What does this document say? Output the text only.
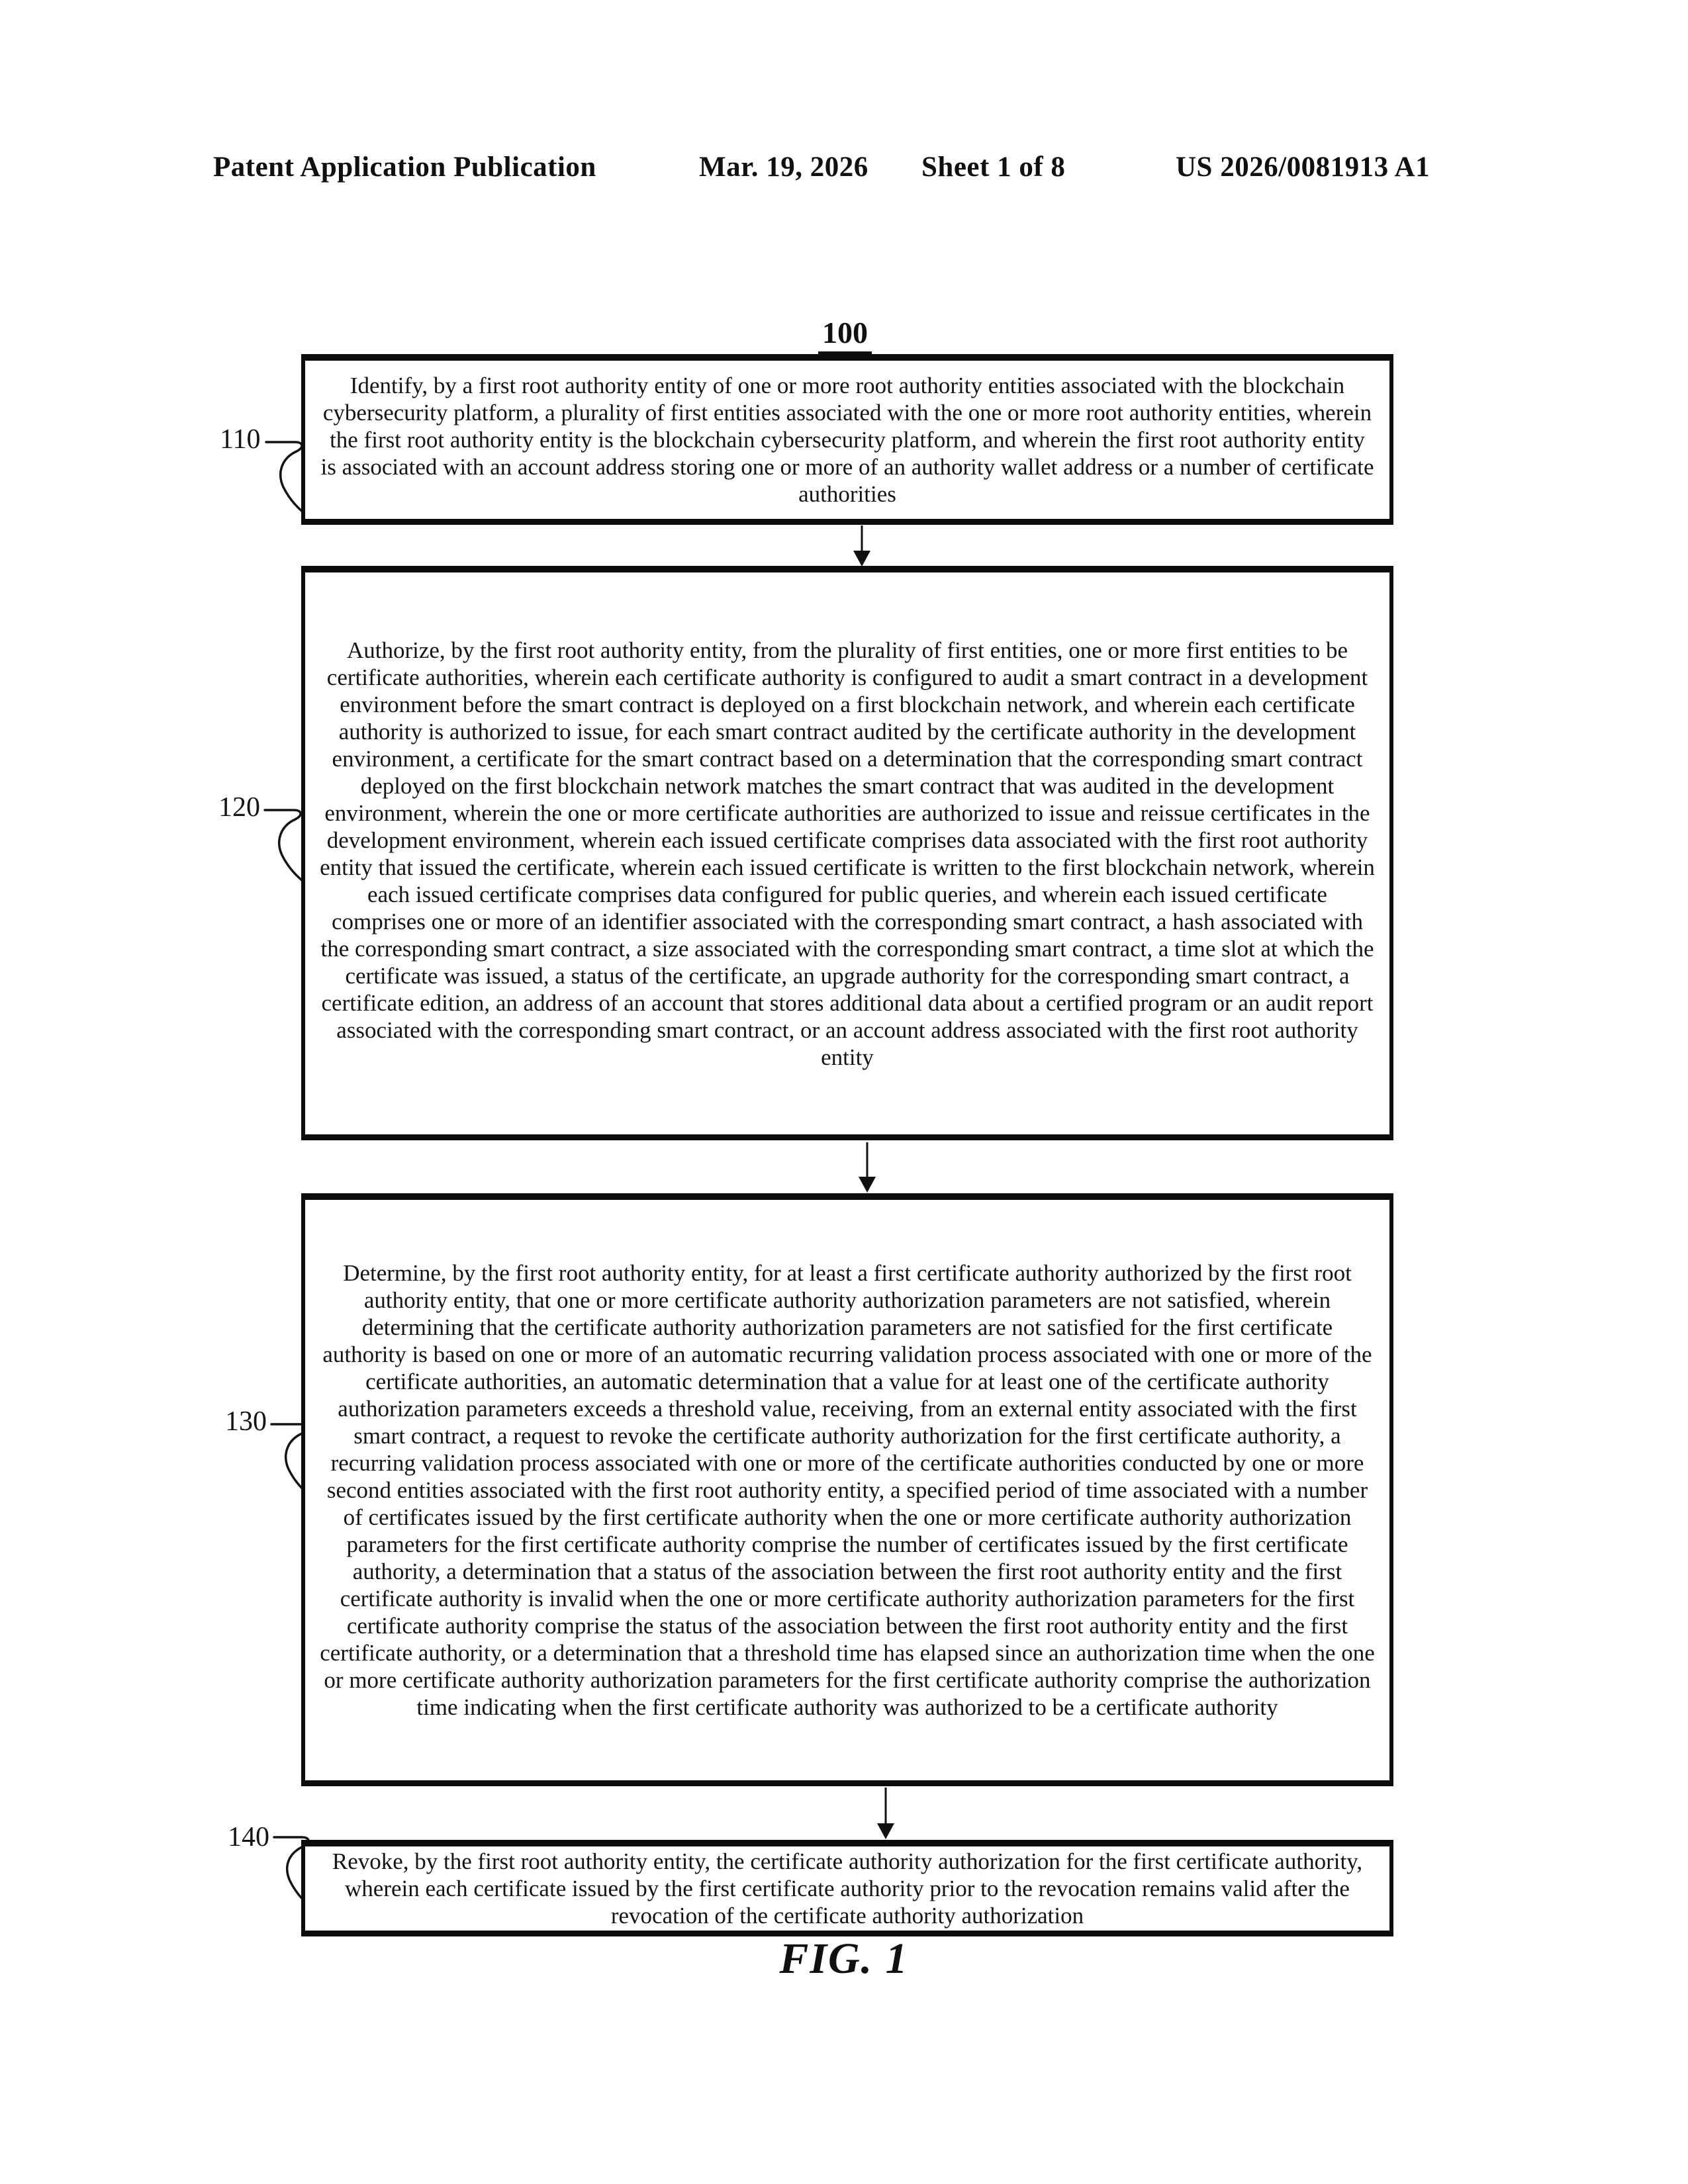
Patent Application Publication	Mar. 19, 2026 Sheet 1 of 8	US 2026/0081913 A1
100
110
Identify, by a first root authority entity of one or more root authority entities associated with the blockchain cybersecurity platform, a plurality of first entities associated with the one or more root authority entities, wherein the first root authority entity is the blockchain cybersecurity platform, and wherein the first root authority entity is associated with an account address storing one or more of an authority wallet address or a number of certificate authorities
120
Authorize, by the first root authority entity, from the plurality of first entities, one or more first entities to be certificate authorities, wherein each certificate authority is configured to audit a smart contract in a development environment before the smart contract is deployed on a first blockchain network, and wherein each certificate authority is authorized to issue, for each smart contract audited by the certificate authority in the development environment, a certificate for the smart contract based on a determination that the corresponding smart contract deployed on the first blockchain network matches the smart contract that was audited in the development environment, wherein the one or more certificate authorities are authorized to issue and reissue certificates in the development environment, wherein each issued certificate comprises data associated with the first root authority entity that issued the certificate, wherein each issued certificate is written to the first blockchain network, wherein each issued certificate comprises data configured for public queries, and wherein each issued certificate comprises one or more of an identifier associated with the corresponding smart contract, a hash associated with the corresponding smart contract, a size associated with the corresponding smart contract, a time slot at which the certificate was issued, a status of the certificate, an upgrade authority for the corresponding smart contract, a certificate edition, an address of an account that stores additional data about a certified program or an audit report associated with the corresponding smart contract, or an account address associated with the first root authority entity
130
Determine, by the first root authority entity, for at least a first certificate authority authorized by the first root authority entity, that one or more certificate authority authorization parameters are not satisfied, wherein determining that the certificate authority authorization parameters are not satisfied for the first certificate authority is based on one or more of an automatic recurring validation process associated with one or more of the certificate authorities, an automatic determination that a value for at least one of the certificate authority authorization parameters exceeds a threshold value, receiving, from an external entity associated with the first smart contract, a request to revoke the certificate authority authorization for the first certificate authority, a recurring validation process associated with one or more of the certificate authorities conducted by one or more second entities associated with the first root authority entity, a specified period of time associated with a number of certificates issued by the first certificate authority when the one or more certificate authority authorization parameters for the first certificate authority comprise the number of certificates issued by the first certificate authority, a determination that a status of the association between the first root authority entity and the first certificate authority is invalid when the one or more certificate authority authorization parameters for the first certificate authority comprise the status of the association between the first root authority entity and the first certificate authority, or a determination that a threshold time has elapsed since an authorization time when the one or more certificate authority authorization parameters for the first certificate authority comprise the authorization time indicating when the first certificate authority was authorized to be a certificate authority
140
Revoke, by the first root authority entity, the certificate authority authorization for the first certificate authority, wherein each certificate issued by the first certificate authority prior to the revocation remains valid after the revocation of the certificate authority authorization
FIG. 1
